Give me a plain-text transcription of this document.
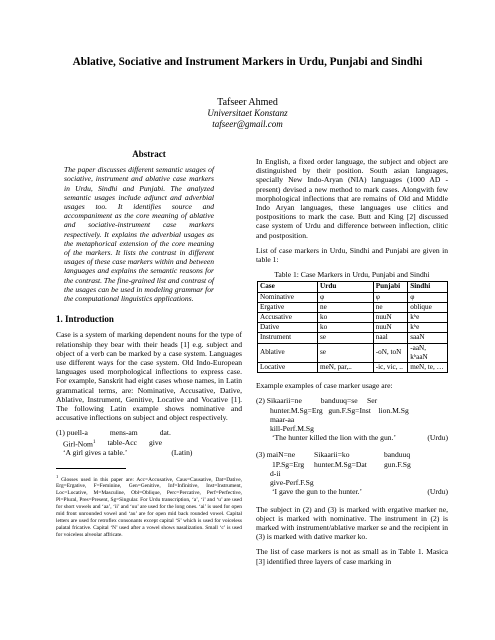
Ablative, Sociative and Instrument Markers in Urdu, Punjabi and Sindhi
Tafseer Ahmed
Universitaet Konstanz
tafseer@gmail.com
Abstract
The paper discusses different semantic usages of sociative, instrument and ablative case markers in Urdu, Sindhi and Punjabi. The analyzed semantic usages include adjunct and adverbial usages too. It identifies source and accompaniment as the core meaning of ablative and sociative-instrument case markers respectively. It explains the adverbial usages as the metaphorical extension of the core meaning of the markers. It lists the contrast in different usages of these case markers within and between languages and explains the semantic reasons for the contrast. The fine-grained list and contrast of the usages can be used in modeling grammar for the computational linguistics applications.
1. Introduction

Case is a system of marking dependent nouns for the type of relationship they bear with their heads [1] e.g. subject and object of a verb can be marked by a case system. Languages use different ways for the case system. Old Indo-European languages used morphological inflections to express case. For example, Sanskrit had eight cases whose names, in Latin grammatical terms, are: Nominative, Accusative, Dative, Ablative, Instrument, Genitive, Locative and Vocative [1]. The following Latin example shows nominative and accusative inflections on subject and object respectively.

(1) puell-a	mens-am	dat.
Girl-Nom$^1$ table-Acc give
‘A girl gives a table.’	(Latin)
$^1$ Glosses used in this paper are: Acc=Accusative, Caus=Causative, Dat=Dative, Erg=Ergative, F=Feminine, Gen=Genitive, Inf=Infinitive, Inst=Instrument, Loc=Locative, M=Masculine, Obl=Oblique, Perc=Percative, Perf=Perfective, Pl=Plural, Pres=Present, Sg=Singular. For Urdu transcription, ‘a’, ‘i’ and ‘u’ are used for short vowels and ‘aa’, ‘ii’ and ‘uu’ are used for the long ones. ‘ai’ is used for open mid front unrounded vowel and ‘au’ are for open mid back rounded vowel. Capital letters are used for retroflex consonants except capital ‘S’ which is used for voiceless palatal fricative. Capital ‘N’ used after a vowel shows nasalization. Small ‘c’ is used for voiceless alveolar affricate.

In English, a fixed order language, the subject and object are distinguished by their position. South asian languages, specially New Indo-Aryan (NIA) languages (1000 AD - present) devised a new method to mark cases. Alongwith few morphological inflections that are remains of Old and Middle Indo Aryan languages, these languages use clitics and postpositions to mark the case. Butt and King [2] discussed case system of Urdu and difference between inflection, clitic and postposition.

List of case markers in Urdu, Sindhi and Punjabi are given in table 1:

Table 1: Case Markers in Urdu, Punjabi and Sindhi
Case	Urdu	Punjabi	Sindhi
Nominative	φ	φ	φ
Ergative	ne	ne	oblique
Accusative	ko	nuuN	kʰe
Dative	ko	nuuN	kʰe
Instrument	se	naal	saaN
Ablative	se	-oN, toN	-aaN, kʰaaN
Locative	meN, par,..	-ic, vic, ..	meN, te, …

Example examples of case marker usage are:

(2) Sikaarii=ne          banduuq=se     Ser
hunter.M.Sg=Erg   gun.F.Sg=Inst    lion.M.Sg
maar-aa
kill-Perf.M.Sg
‘The hunter killed the lion with the gun.’	(Urdu)
(3) maiN=ne	Sikaarii=ko	banduuq
1P.Sg=Erg	hunter.M.Sg=Dat	gun.F.Sg
d-ii
give-Perf.F.Sg
‘I gave the gun to the hunter.’	(Urdu)

The subject in (2) and (3) is marked with ergative marker ne, object is marked with nominative. The instrument in (2) is marked with instrument/ablative marker se and the recipient in (3) is marked with dative marker ko.

The list of case markers is not as small as in Table 1. Masica [3] identified three layers of case marking in
